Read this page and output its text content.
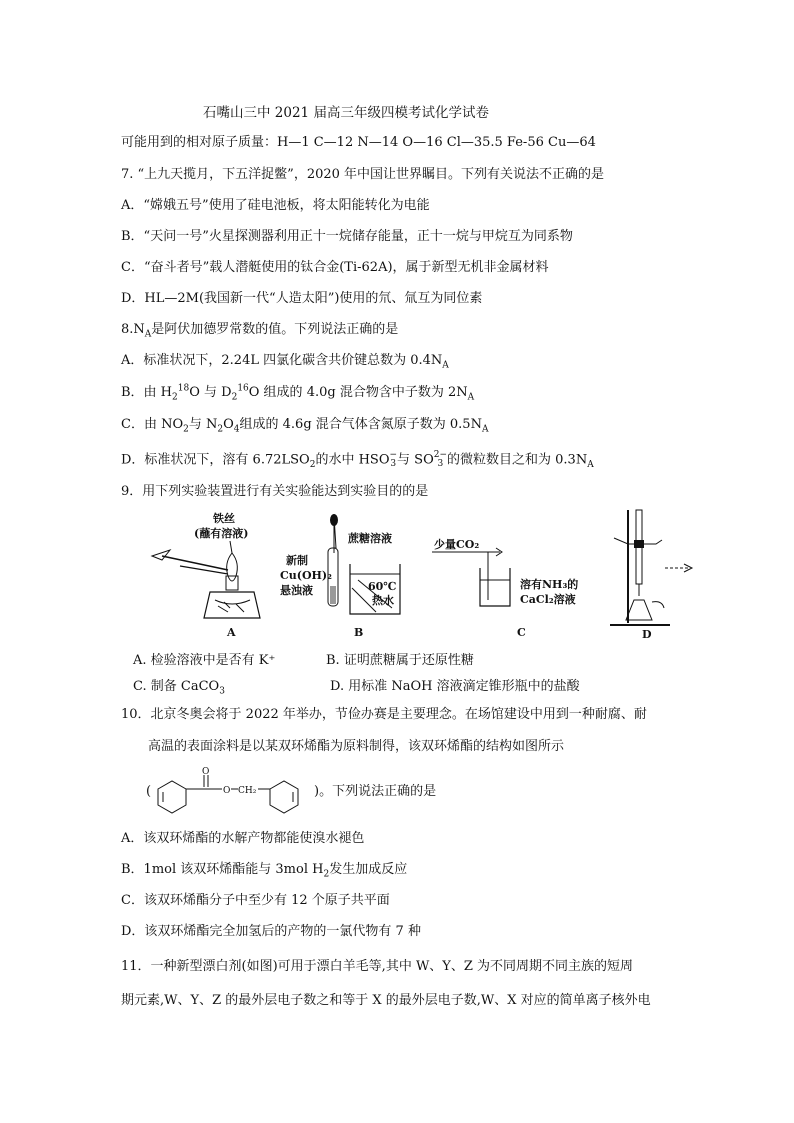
石嘴山三中 2021 届高三年级四模考试化学试卷
可能用到的相对原子质量：H—1 C—12 N—14 O—16 Cl—35.5 Fe-56 Cu—64
7. “上九天揽月，下五洋捉鳖”，2020 年中国让世界瞩目。下列有关说法不正确的是
A．“嫦娥五号”使用了硅电池板，将太阳能转化为电能
B．“天问一号”火星探测器利用正十一烷储存能量，正十一烷与甲烷互为同系物
C．“奋斗者号”载人潜艇使用的钛合金(Ti-62A)，属于新型无机非金属材料
D．HL—2M(我国新一代“人造太阳”)使用的氘、氚互为同位素
$8.N_A$是阿伏加德罗常数的值。下列说法正确的是
A．标准状况下，2.24L 四氯化碳含共价键总数为 $0.4N_A$
B．由 $H_2^{18}O$ 与 $D_2^{16}O$ 组成的 4.0g 混合物含中子数为 $2N_A$
C．由 $NO_2$与 $N_2O_4$组成的 4.6g 混合气体含氮原子数为 $0.5N_A$
D．标准状况下，溶有 $6.72LSO_2$的水中 HSO −
3 与 SO 2−
3 的微粒数目之和为 $0.3N_A$
9．用下列实验装置进行有关实验能达到实验目的的是
铁丝
(蘸有溶液)
A
新制
Cu(OH)₂
悬浊液
蔗糖溶液
60℃
热水
B
少量CO₂
溶有NH₃的
CaCl₂溶液
C	D
A. 检验溶液中是否有 K⁺	B. 证明蔗糖属于还原性糖
C. 制备 CaCO$_3$	D. 用标准 NaOH 溶液滴定锥形瓶中的盐酸
10．北京冬奥会将于 2022 年举办，节俭办赛是主要理念。在场馆建设中用到一种耐腐、耐
高温的表面涂料是以某双环烯酯为原料制得，该双环烯酯的结构如图所示
(
O
O CH₂	)。下列说法正确的是
A．该双环烯酯的水解产物都能使溴水褪色
B．1mol 该双环烯酯能与 3mol $H_2$发生加成反应
C．该双环烯酯分子中至少有 12 个原子共平面
D．该双环烯酯完全加氢后的产物的一氯代物有 7 种
11．一种新型漂白剂(如图)可用于漂白羊毛等,其中 W、Y、Z 为不同周期不同主族的短周
期元素,W、Y、Z 的最外层电子数之和等于 X 的最外层电子数,W、X 对应的简单离子核外电
